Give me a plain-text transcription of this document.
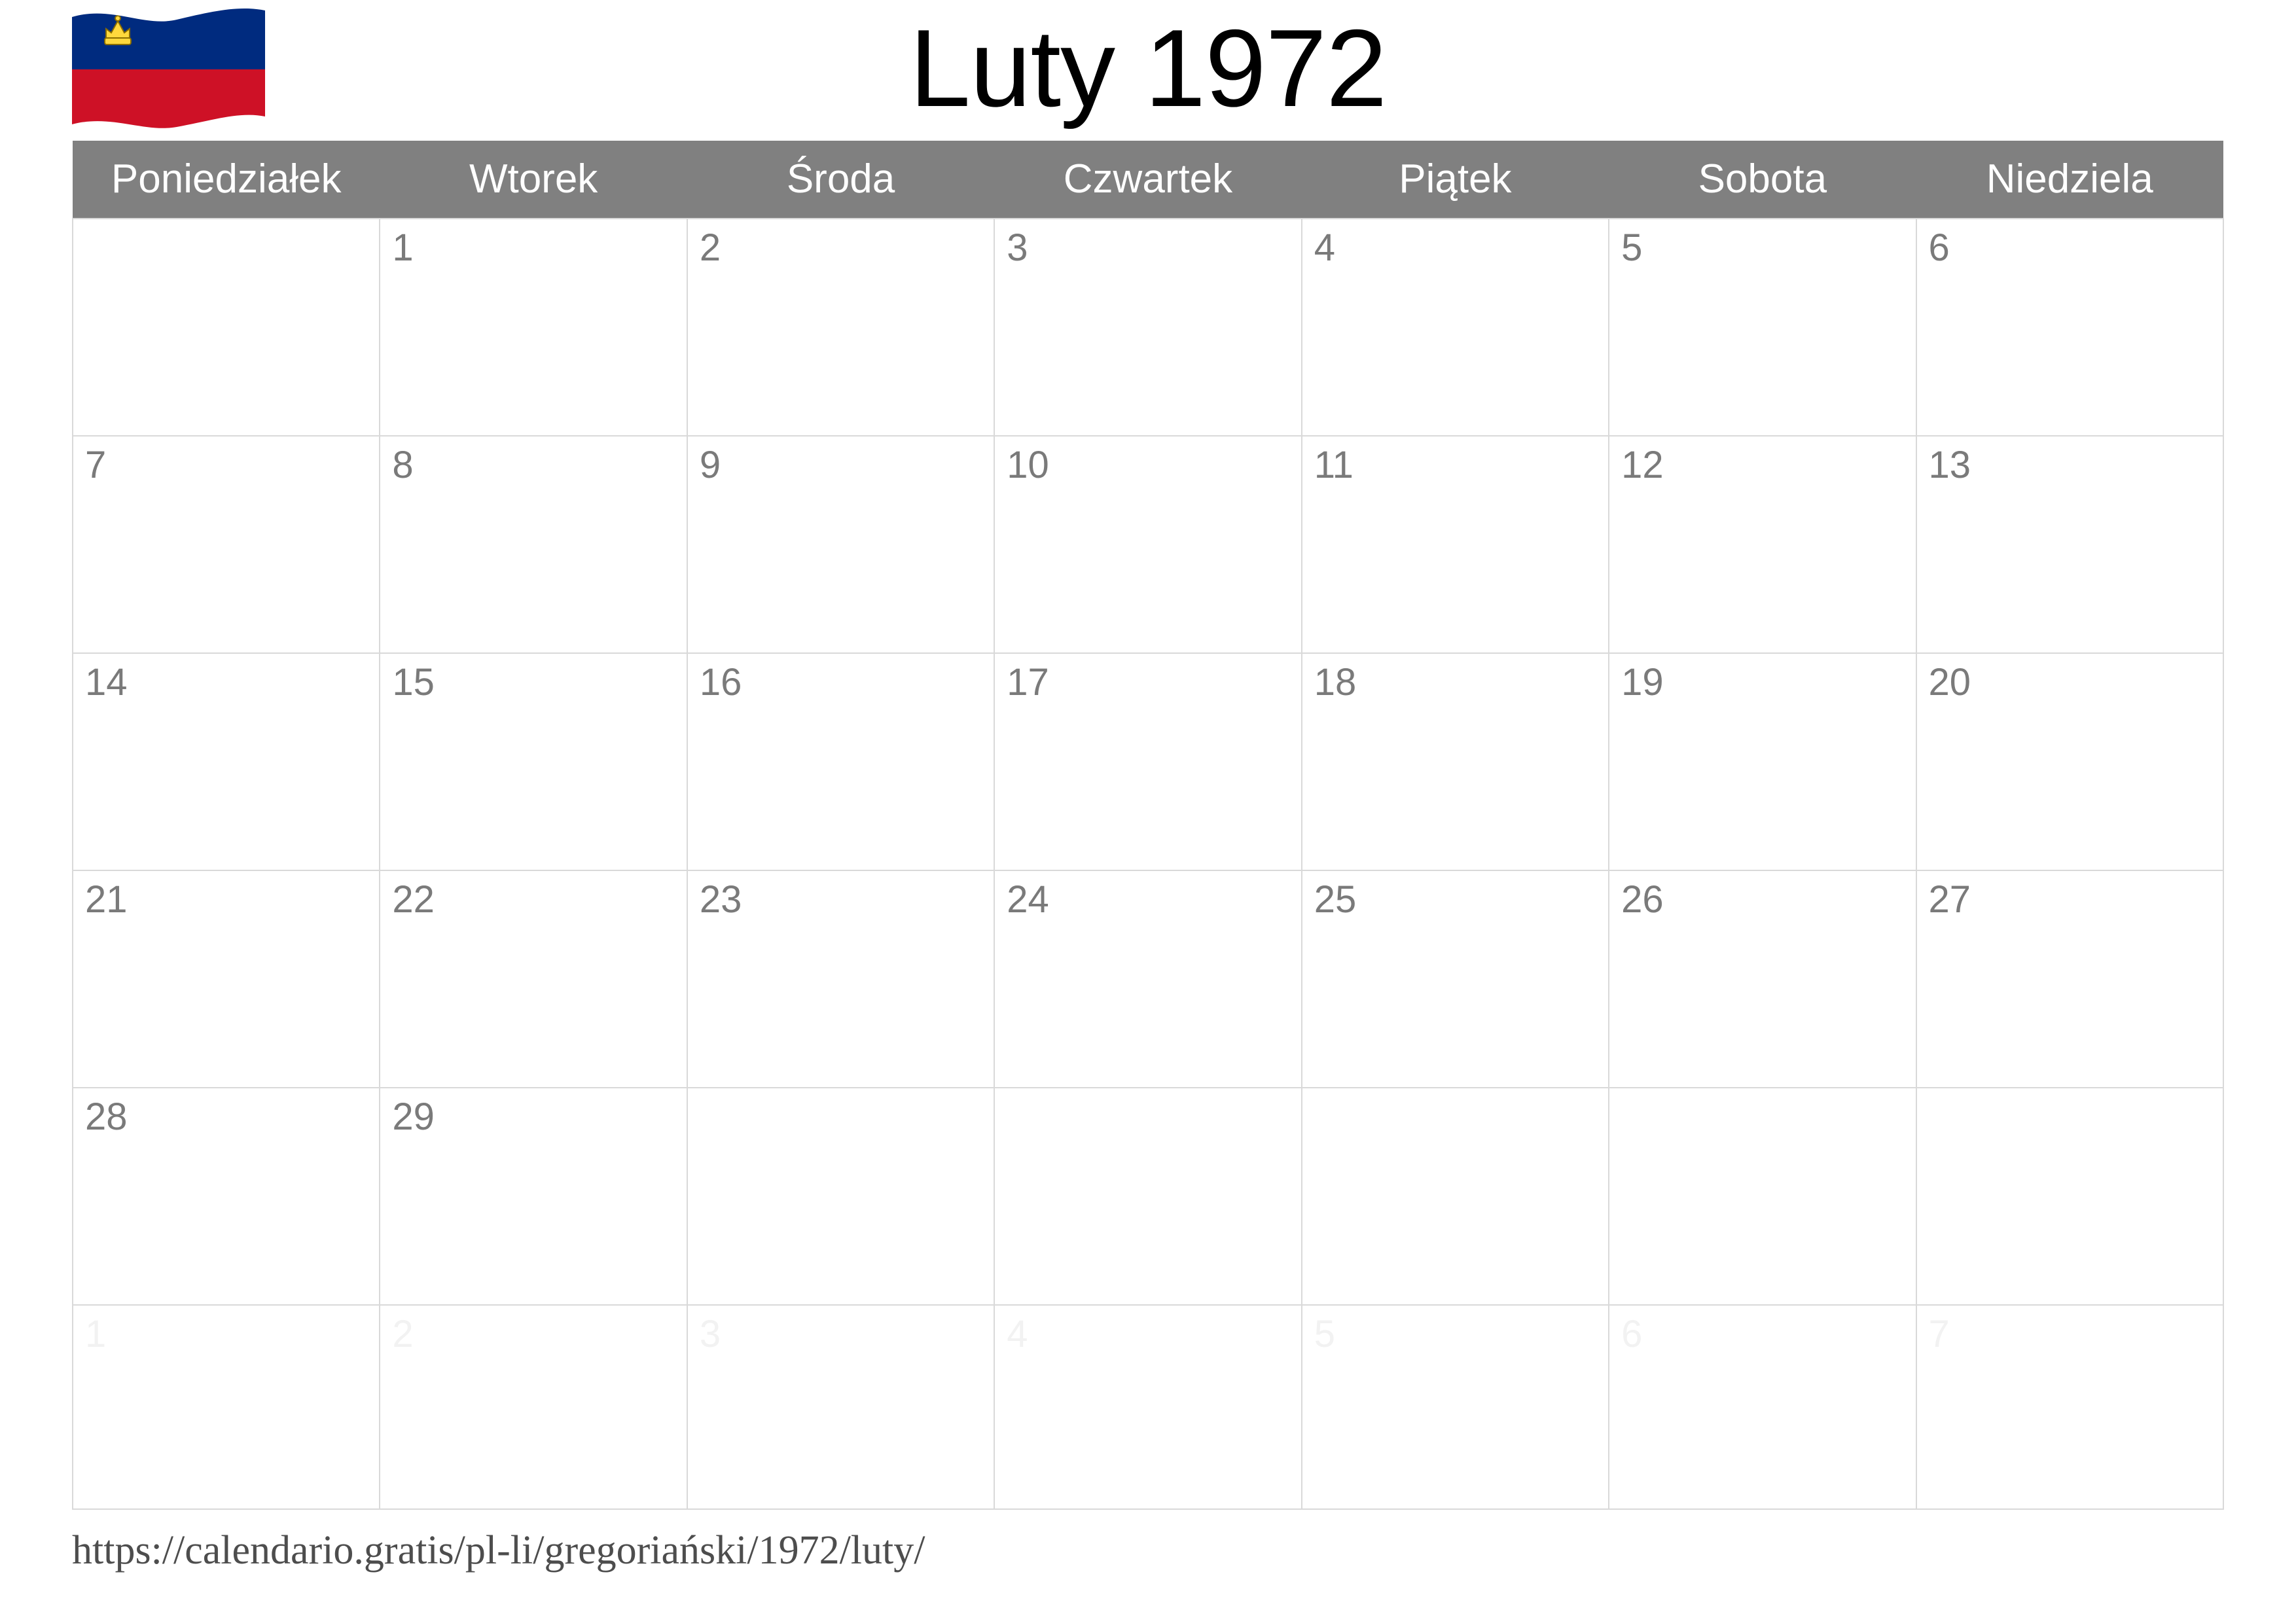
Luty 1972
Poniedziałek	Wtorek	Środa	Czwartek	Piątek	Sobota	Niedziela

	1	2	3	4	5	6

7	8	9	10	11	12	13

14	15	16	17	18	19	20

21	22	23	24	25	26	27

28	29					

1	2	3	4	5	6	7
https://calendario.gratis/pl-li/gregoriański/1972/luty/
